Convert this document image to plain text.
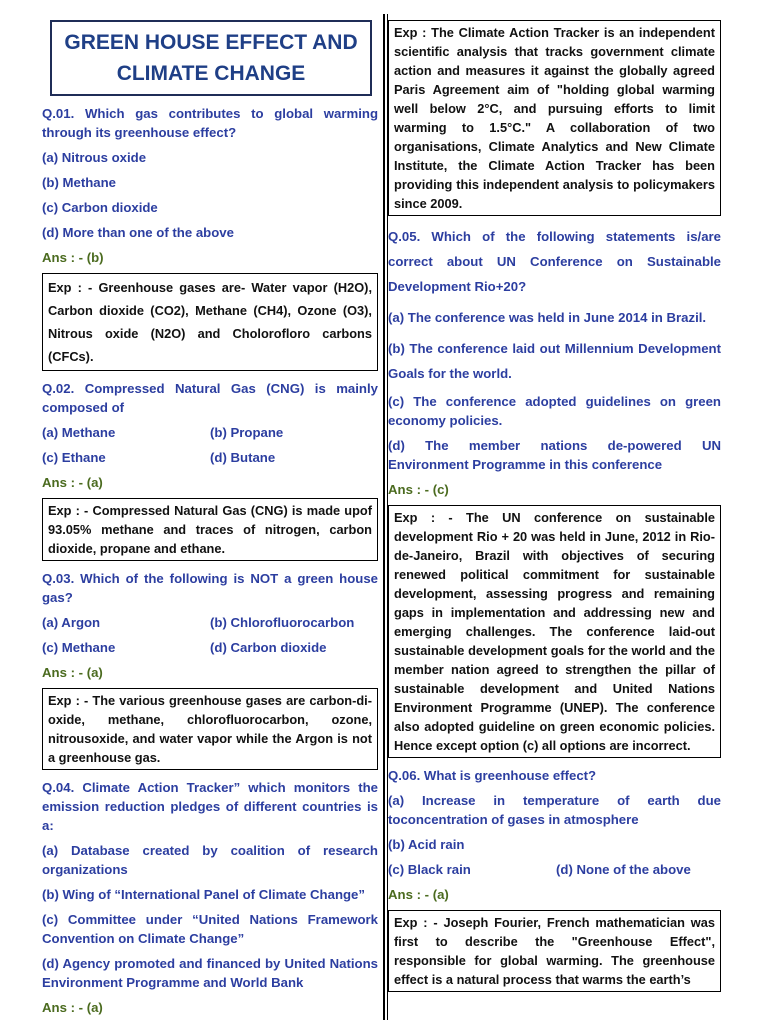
GREEN HOUSE EFFECT AND CLIMATE CHANGE
Q.01. Which gas contributes to global warming through its greenhouse effect?
(a) Nitrous oxide
(b) Methane
(c) Carbon dioxide
(d) More than one of the above
Ans : - (b)
Exp : - Greenhouse gases are- Water vapor (H2O), Carbon dioxide (CO2), Methane (CH4), Ozone (O3), Nitrous oxide (N2O) and Cholorofloro carbons (CFCs).
Q.02. Compressed Natural Gas (CNG) is mainly composed of
(a) Methane	(b) Propane
(c) Ethane	(d) Butane
Ans : - (a)
Exp : - Compressed Natural Gas (CNG) is made upof 93.05% methane and traces of nitrogen, carbon dioxide, propane and ethane.
Q.03. Which of the following is NOT a green house gas?
(a) Argon	(b) Chlorofluorocarbon
(c) Methane	(d) Carbon dioxide
Ans : - (a)
Exp : - The various greenhouse gases are carbon-di-oxide, methane, chlorofluorocarbon, ozone, nitrousoxide, and water vapor while the Argon is not a greenhouse gas.
Q.04. Climate Action Tracker” which monitors the emission reduction pledges of different countries is a:
(a) Database created by coalition of research organizations
(b) Wing of “International Panel of Climate Change”
(c) Committee under “United Nations Framework Convention on Climate Change”
(d) Agency promoted and financed by United Nations Environment Programme and World Bank
Ans : - (a)
Exp : The Climate Action Tracker is an independent scientific analysis that tracks government climate action and measures it against the globally agreed Paris Agreement aim of "holding global warming well below 2°C, and pursuing efforts to limit warming to 1.5°C." A collaboration of two organisations, Climate Analytics and New Climate Institute, the Climate Action Tracker has been providing this independent analysis to policymakers since 2009.
Q.05. Which of the following statements is/are correct about UN Conference on Sustainable Development Rio+20?
(a) The conference was held in June 2014 in Brazil.
(b) The conference laid out Millennium Development Goals for the world.
(c) The conference adopted guidelines on green economy policies.
(d) The member nations de-powered UN Environment Programme in this conference
Ans : - (c)
Exp : - The UN conference on sustainable development Rio + 20 was held in June, 2012 in Rio-de-Janeiro, Brazil with objectives of securing renewed political commitment for sustainable development, assessing progress and remaining gaps in implementation and addressing new and emerging challenges. The conference laid-out sustainable development goals for the world and the member nation agreed to strengthen the pillar of sustainable development and United Nations Environment Programme (UNEP). The conference also adopted guideline on green economic policies. Hence except option (c) all options are incorrect.
Q.06. What is greenhouse effect?
(a) Increase in temperature of earth due toconcentration of gases in atmosphere
(b) Acid rain
(c) Black rain	(d) None of the above
Ans : - (a)
Exp : - Joseph Fourier, French mathematician was first to describe the "Greenhouse Effect", responsible for global warming. The greenhouse effect is a natural process that warms the earth’s
